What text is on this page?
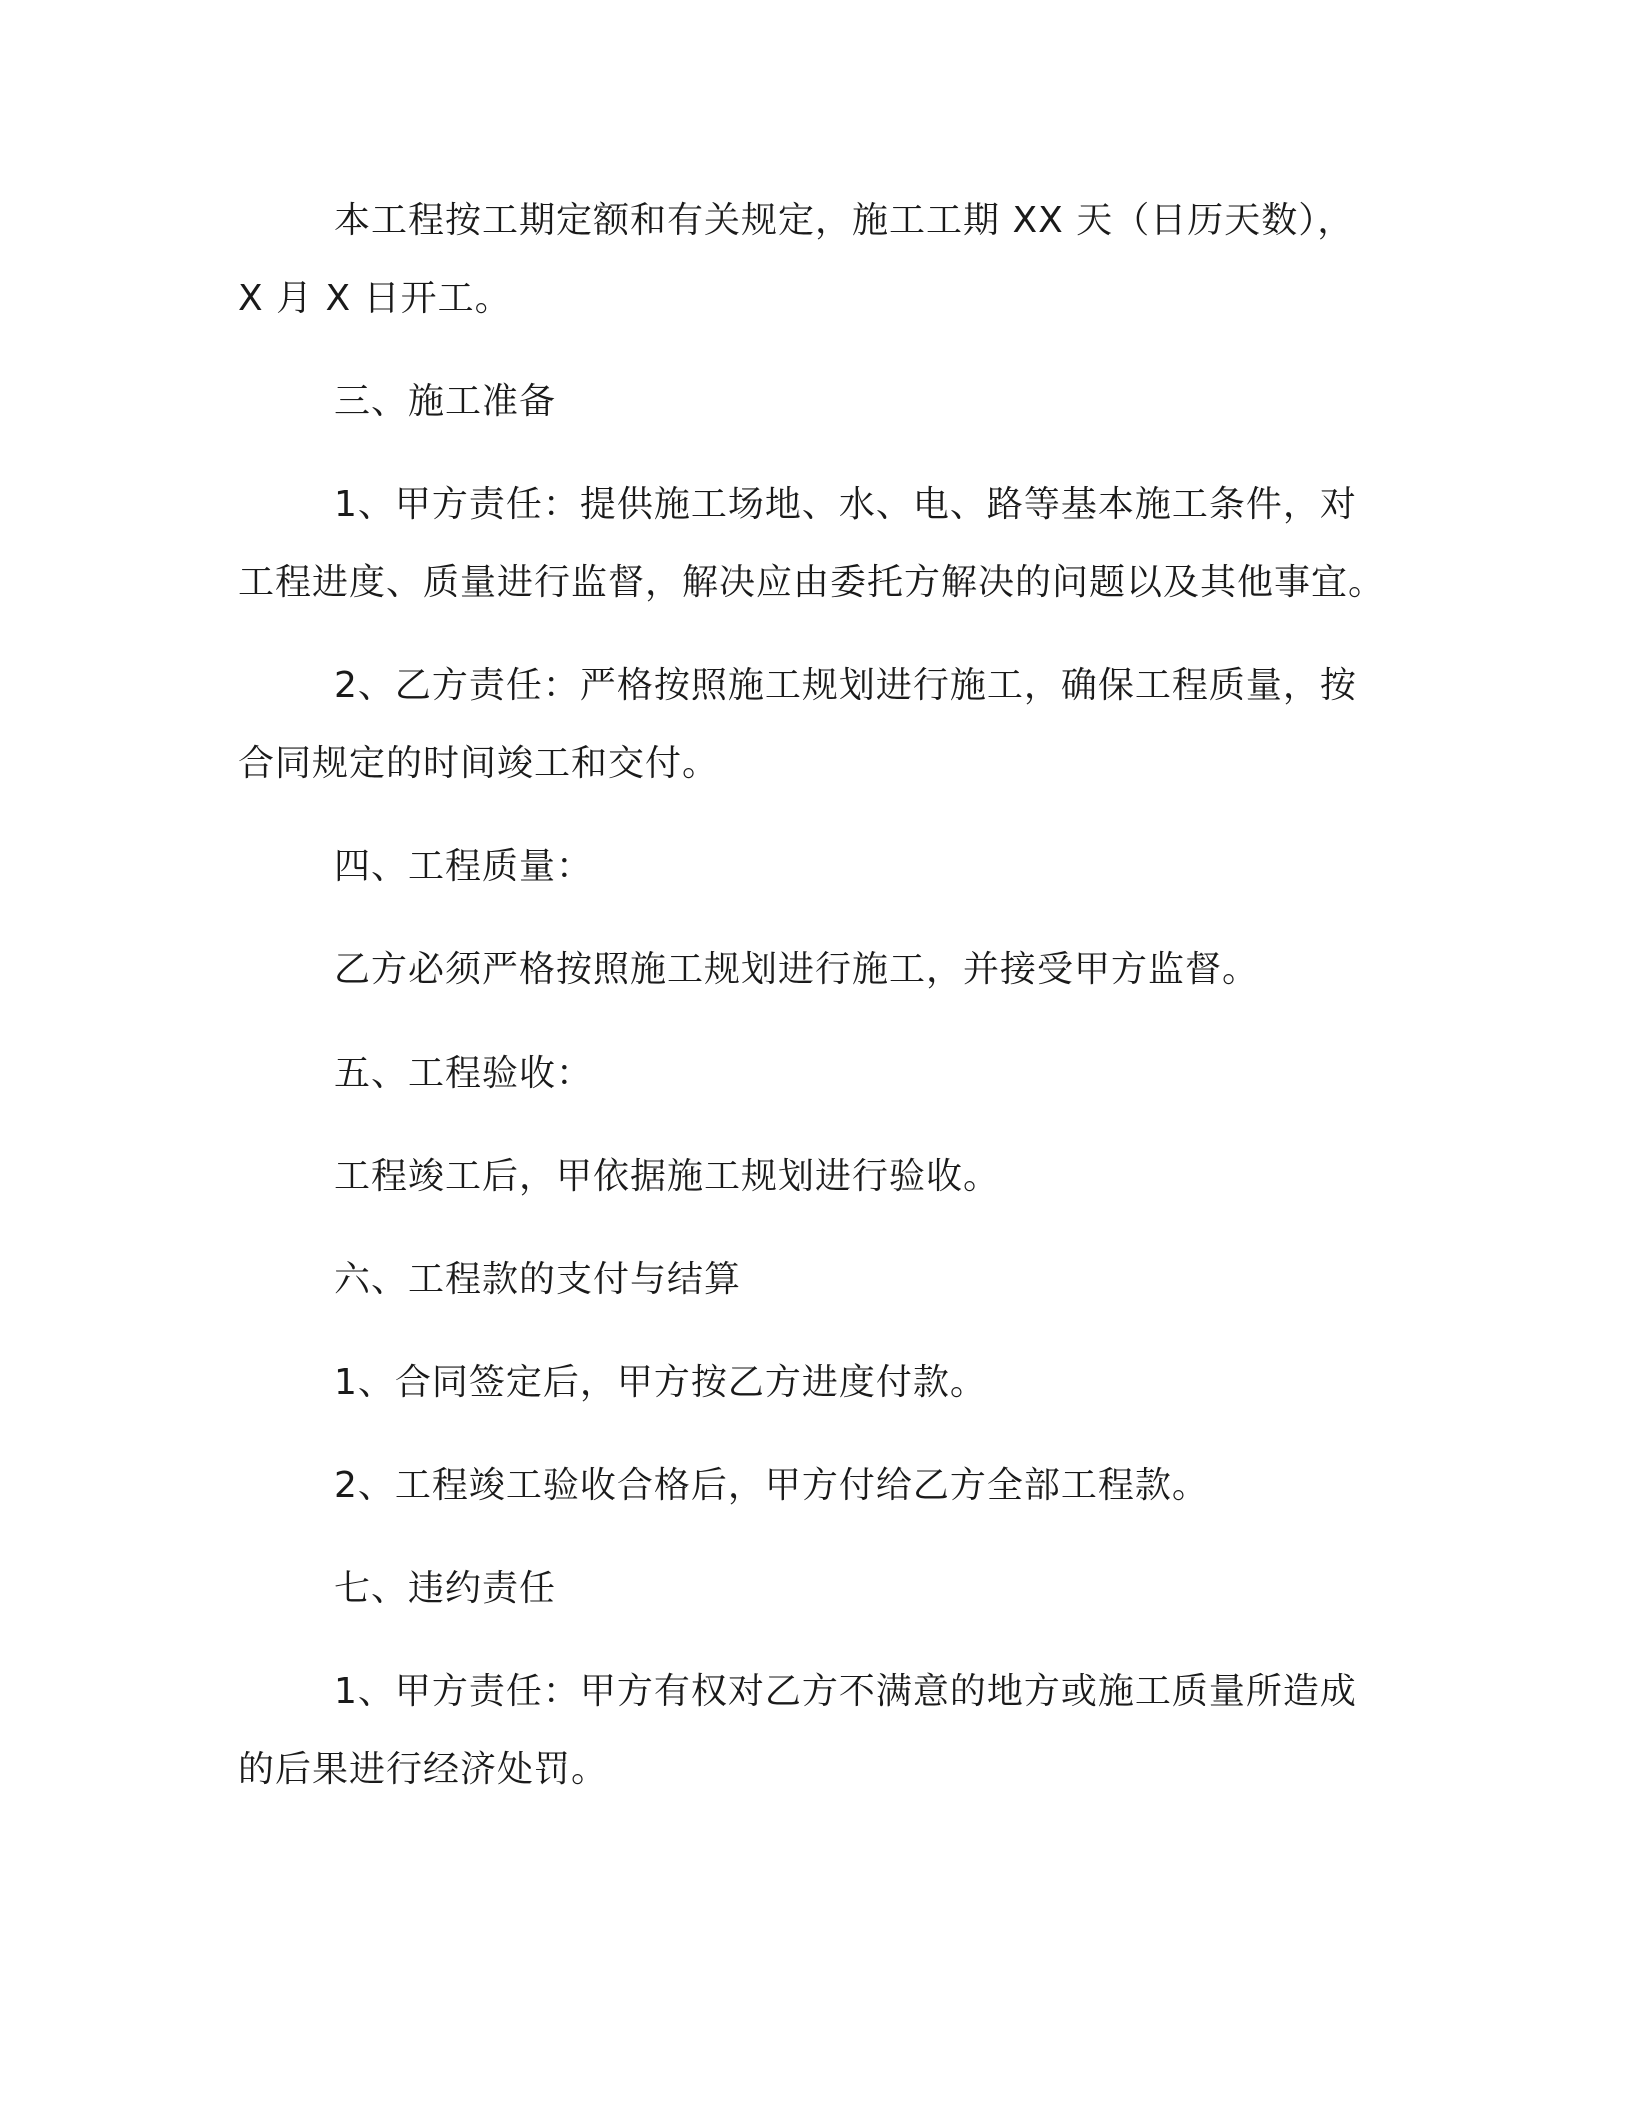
本工程按工期定额和有关规定，施工工期 XX 天（日历天数），
X 月 X 日开工。

三、施工准备

1、甲方责任：提供施工场地、水、电、路等基本施工条件，对
工程进度、质量进行监督，解决应由委托方解决的问题以及其他事宜。

2、乙方责任：严格按照施工规划进行施工，确保工程质量，按
合同规定的时间竣工和交付。

四、工程质量：

乙方必须严格按照施工规划进行施工，并接受甲方监督。

五、工程验收：

工程竣工后，甲依据施工规划进行验收。

六、工程款的支付与结算

1、合同签定后，甲方按乙方进度付款。

2、工程竣工验收合格后，甲方付给乙方全部工程款。

七、违约责任

1、甲方责任：甲方有权对乙方不满意的地方或施工质量所造成
的后果进行经济处罚。
